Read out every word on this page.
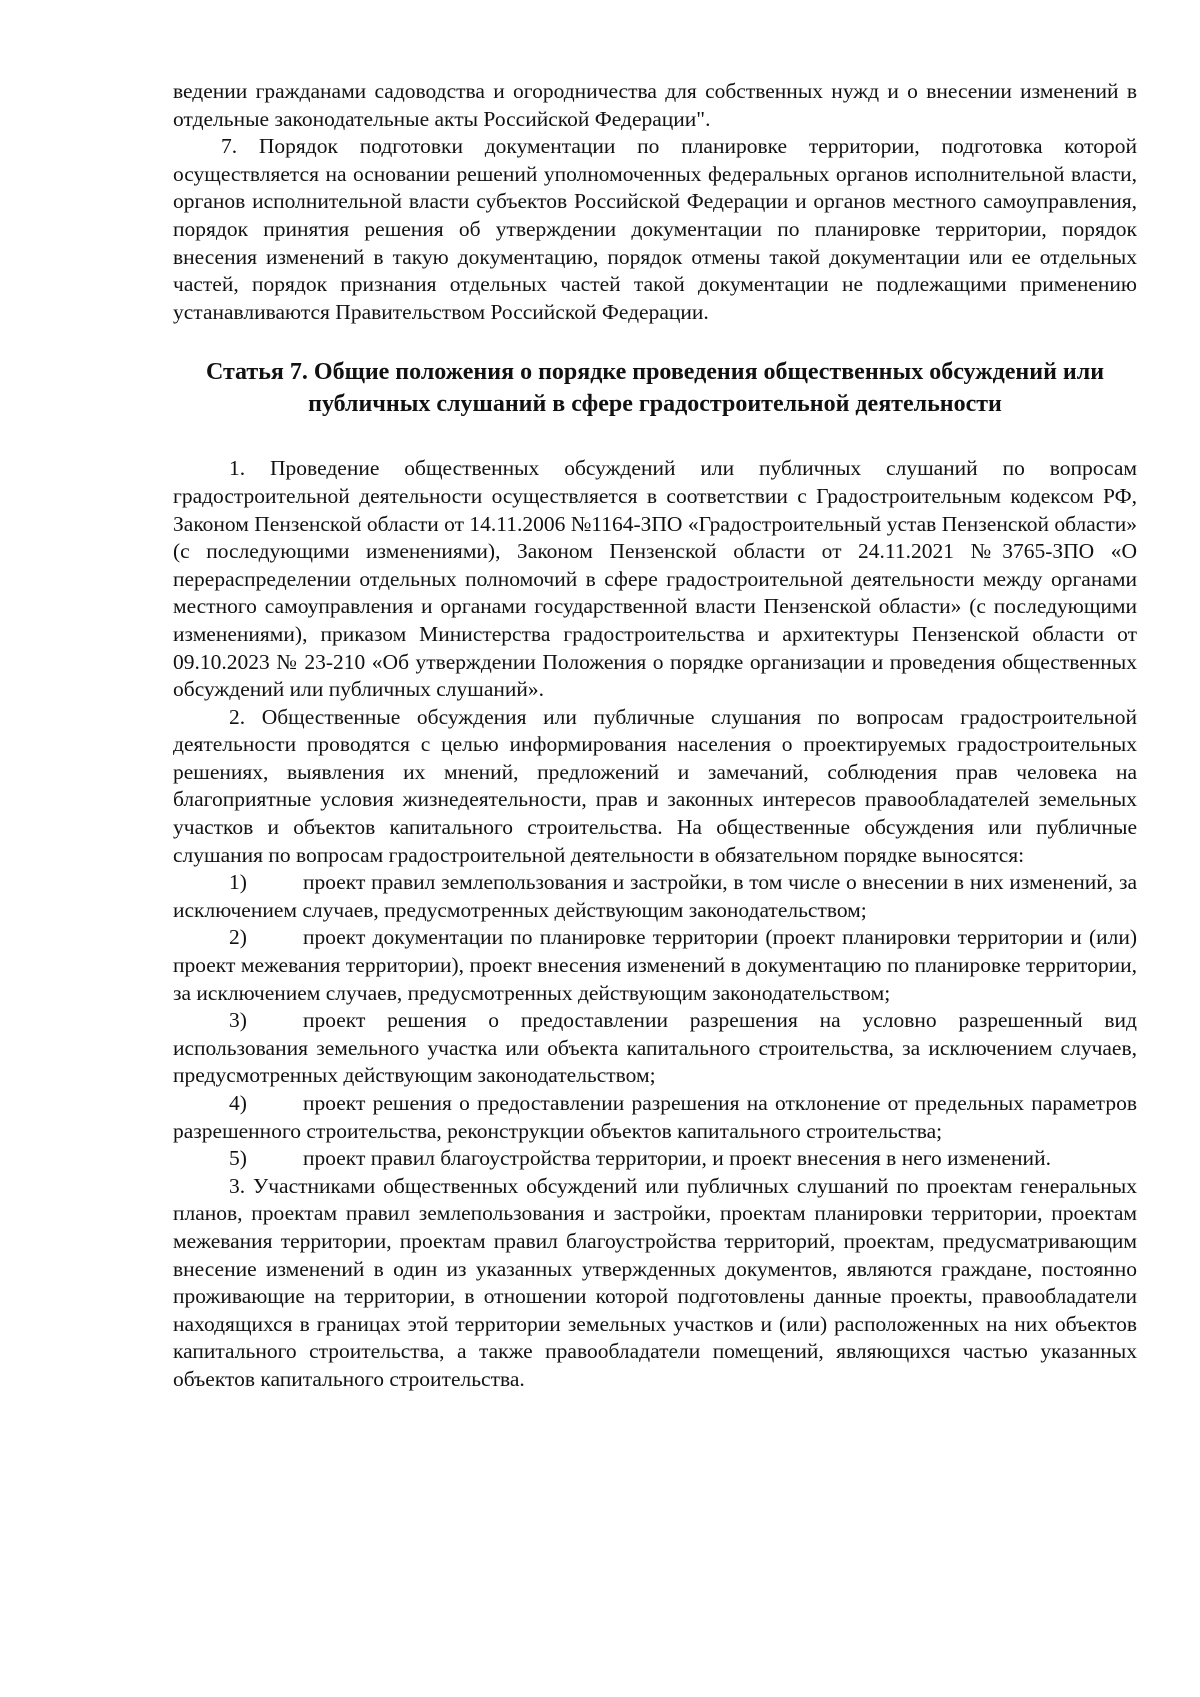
ведении гражданами садоводства и огородничества для собственных нужд и о внесении изменений в отдельные законодательные акты Российской Федерации".

7. Порядок подготовки документации по планировке территории, подготовка которой осуществляется на основании решений уполномоченных федеральных органов исполнительной власти, органов исполнительной власти субъектов Российской Федерации и органов местного самоуправления, порядок принятия решения об утверждении документации по планировке территории, порядок внесения изменений в такую документацию, порядок отмены такой документации или ее отдельных частей, порядок признания отдельных частей такой документации не подлежащими применению устанавливаются Правительством Российской Федерации.

Статья 7. Общие положения о порядке проведения общественных обсуждений или публичных слушаний в сфере градостроительной деятельности

1. Проведение общественных обсуждений или публичных слушаний по вопросам градостроительной деятельности осуществляется в соответствии с Градостроительным кодексом РФ, Законом Пензенской области от 14.11.2006 №1164-ЗПО «Градостроительный устав Пензенской области» (с последующими изменениями), Законом Пензенской области от 24.11.2021 №3765-ЗПО «О перераспределении отдельных полномочий в сфере градостроительной деятельности между органами местного самоуправления и органами государственной власти Пензенской области» (с последующими изменениями), приказом Министерства градостроительства и архитектуры Пензенской области от 09.10.2023 № 23-210 «Об утверждении Положения о порядке организации и проведения общественных обсуждений или публичных слушаний».

2. Общественные обсуждения или публичные слушания по вопросам градостроительной деятельности проводятся с целью информирования населения о проектируемых градостроительных решениях, выявления их мнений, предложений и замечаний, соблюдения прав человека на благоприятные условия жизнедеятельности, прав и законных интересов правообладателей земельных участков и объектов капитального строительства. На общественные обсуждения или публичные слушания по вопросам градостроительной деятельности в обязательном порядке выносятся:

1)	проект правил землепользования и застройки, в том числе о внесении в них изменений, за исключением случаев, предусмотренных действующим законодательством;

2)	проект документации по планировке территории (проект планировки территории и (или) проект межевания территории), проект внесения изменений в документацию по планировке территории, за исключением случаев, предусмотренных действующим законодательством;

3)	проект решения о предоставлении разрешения на условно разрешенный вид использования земельного участка или объекта капитального строительства, за исключением случаев, предусмотренных действующим законодательством;

4)	проект решения о предоставлении разрешения на отклонение от предельных параметров разрешенного строительства, реконструкции объектов капитального строительства;

5)	проект правил благоустройства территории, и проект внесения в него изменений.

3. Участниками общественных обсуждений или публичных слушаний по проектам генеральных планов, проектам правил землепользования и застройки, проектам планировки территории, проектам межевания территории, проектам правил благоустройства территорий, проектам, предусматривающим внесение изменений в один из указанных утвержденных документов, являются граждане, постоянно проживающие на территории, в отношении которой подготовлены данные проекты, правообладатели находящихся в границах этой территории земельных участков и (или) расположенных на них объектов капитального строительства, а также правообладатели помещений, являющихся частью указанных объектов капитального строительства.
